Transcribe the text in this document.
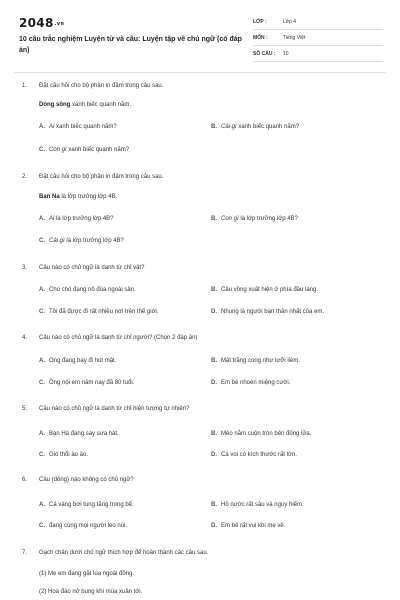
2048.vn
10 câu trắc nghiệm Luyện từ và câu: Luyện tập về chủ ngữ (có đáp án)
LỚP :	Lớp 4
MÔN :	Tiếng Việt
SỐ CÂU :	10
1. Đặt câu hỏi cho bộ phận in đậm trong câu sau.
Dòng sông xanh biếc quanh năm.
A. Ai xanh biếc quanh năm?	B. Cái gì xanh biếc quanh năm?
C. Con gì xanh biếc quanh năm?
2. Đặt câu hỏi cho bộ phận in đậm trong câu sau.
Bạn Na là lớp trưởng lớp 4B.
A. Ai là lớp trưởng lớp 4B?	B. Con gì là lớp trưởng lớp 4B?
C. Cái gì là lớp trưởng lớp 4B?
3. Câu nào có chủ ngữ là danh từ chỉ vật?
A. Chú chó đang nô đùa ngoài sân.	B. Cầu vồng xuất hiện ở phía đầu làng.
C. Tôi đã được đi rất nhiều nơi trên thế giới.	D. Nhung là người bạn thân nhất của em.
4. Câu nào có chủ ngữ là danh từ chỉ người? (Chọn 2 đáp án)
A. Ong đang bay đi hút mật.	B. Mặt trăng cong như lưỡi liềm.
C. Ông nội em năm nay đã 80 tuổi.	D. Em bé nhoẻn miệng cười.
5. Câu nào có chủ ngữ là danh từ chỉ hiện tượng tự nhiên?
A. Bạn Hà đang say sưa hát.	B. Mèo nằm cuộn tròn bên đống lửa.
C. Gió thổi ào ào.	D. Cá voi có kích thước rất lớn.
6. Câu (dòng) nào không có chủ ngữ?
A. Cá vàng bơi tung tăng trong bể.	B. Hồ nước rất sâu và nguy hiểm.
C. đang cùng mọi người leo núi.	D. Em bé rất vui khi mẹ về.
7. Gạch chân dưới chủ ngữ thích hợp để hoàn thành các câu sau.
(1) Mẹ em đang gặt lúa ngoài đồng.
(2) Hoa đào nở bung khi mùa xuân tới.
